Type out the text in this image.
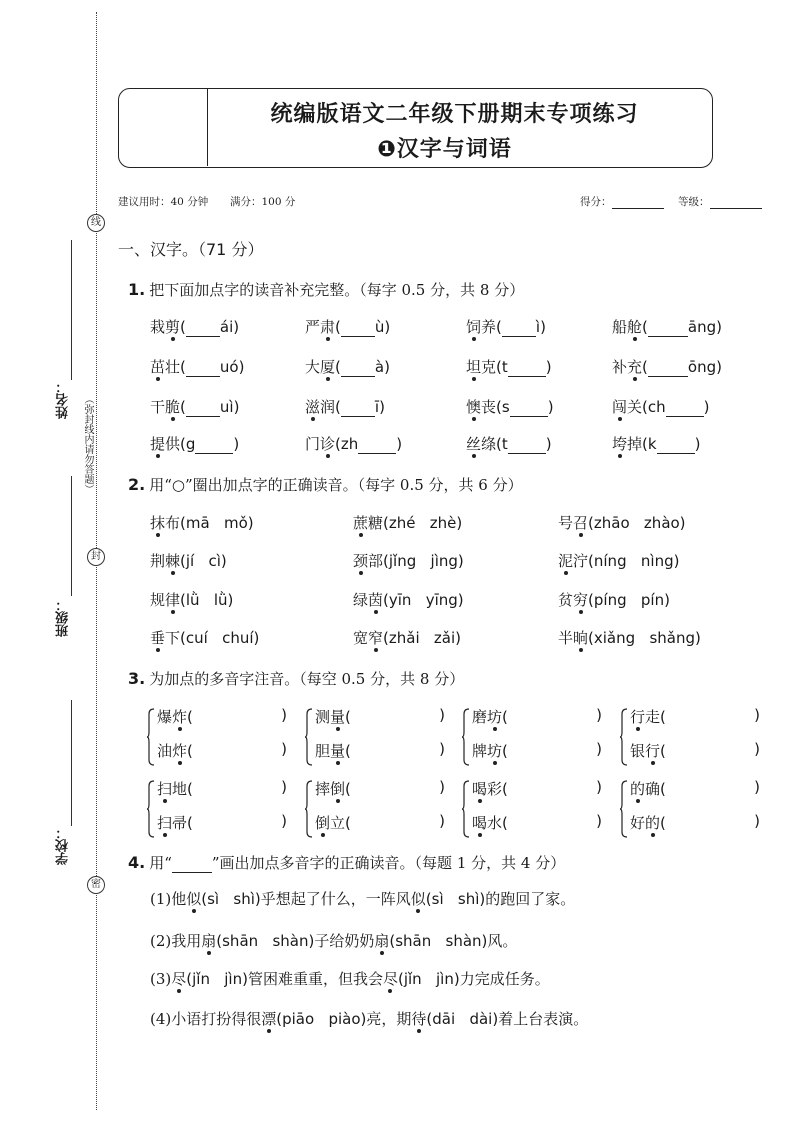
线
封
密
姓名： （弥封线内请勿答题）
班级：
学校：
统编版语文二年级下册期末专项练习
❶汉字与词语
建议用时：40 分钟 满分：100 分	得分：	等级：
一、汉字。（71 分）
1. 把下面加点字的读音补充完整。（每字 0.5 分，共 8 分）
栽剪( ái)	严肃( ù)	饲养( ì)	船舱(	āng)
茁壮( uó)	大厦( à)	坦克(t	)	补充(	ōng)
干脆( uì)	滋润( ī)	懊丧(s	)	闯关(ch	)
提供(g	)	门诊(zh	)	丝绦(t	)	垮掉(k	)
2. 用“○”圈出加点字的正确读音。（每字 0.5 分，共 6 分）
抹布(mā   mǒ)	蔗糖(zhé   zhè)	号召(zhāo   zhào)
荆棘(jí   cì)	颈部(jǐng   jìng)	泥泞(níng   nìng)
规律(lǜ   lǜ)	绿茵(yīn   yīng)	贫穷(píng   pín)
垂下(cuí   chuí)	宽窄(zhǎi   zǎi)	半晌(xiǎng   shǎng)
3. 为加点的多音字注音。（每空 0.5 分，共 8 分）
爆炸(	)
油炸(	)
测量(	)
胆量(	)
磨坊(	)
牌坊(	)
行走(	)
银行(	)
扫地(	)
扫帚(	)
摔倒(	)
倒立(	)
喝彩(	)
喝水(	)
的确(	)
好的(	)
4. 用“	”画出加点多音字的正确读音。（每题 1 分，共 4 分）
(1)他似(sì   shì)乎想起了什么，一阵风似(sì   shì)的跑回了家。
(2)我用扇(shān   shàn)子给奶奶扇(shān   shàn)风。
(3)尽(jǐn   jìn)管困难重重，但我会尽(jǐn   jìn)力完成任务。
(4)小语打扮得很漂(piāo   piào)亮，期待(dāi   dài)着上台表演。
